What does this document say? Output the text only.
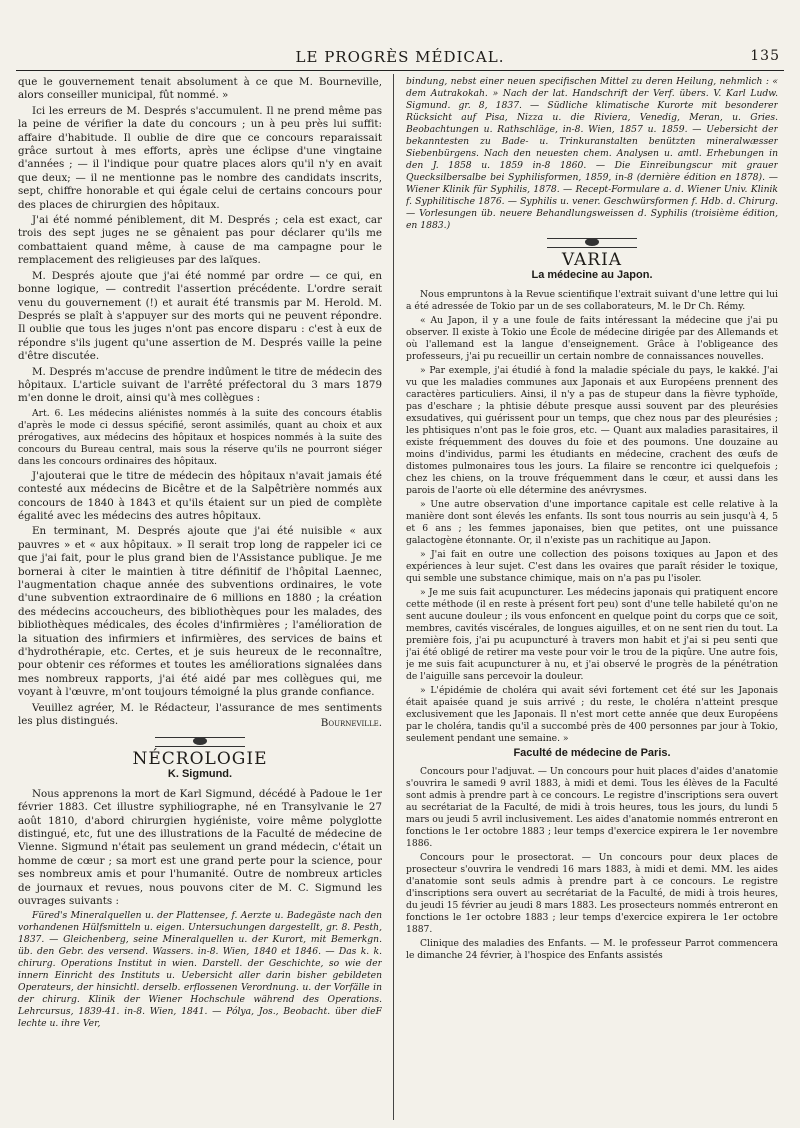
LE PROGRÈS MÉDICAL.	135

que le gouvernement tenait absolument à ce que M. Bourneville, alors conseiller municipal, fût nommé. »

Ici les erreurs de M. Després s'accumulent. Il ne prend même pas la peine de vérifier la date du concours ; un à peu près lui suffit: affaire d'habitude. Il oublie de dire que ce concours reparaissait grâce surtout à mes efforts, après une éclipse d'une vingtaine d'années ; — il l'indique pour quatre places alors qu'il n'y en avait que deux; — il ne mentionne pas le nombre des candidats inscrits, sept, chiffre honorable et qui égale celui de certains concours pour des places de chirurgien des hôpitaux.

J'ai été nommé péniblement, dit M. Després ; cela est exact, car trois des sept juges ne se gênaient pas pour déclarer qu'ils me combattaient quand même, à cause de ma campagne pour le remplacement des religieuses par des laïques.

M. Després ajoute que j'ai été nommé par ordre — ce qui, en bonne logique, — contredit l'assertion précédente. L'ordre serait venu du gouvernement (!) et aurait été transmis par M. Herold. M. Després se plaît à s'appuyer sur des morts qui ne peuvent répondre. Il oublie que tous les juges n'ont pas encore disparu : c'est à eux de répondre s'ils jugent qu'une assertion de M. Després vaille la peine d'être discutée.

M. Després m'accuse de prendre indûment le titre de médecin des hôpitaux. L'article suivant de l'arrêté préfectoral du 3 mars 1879 m'en donne le droit, ainsi qu'à mes collègues :

Art. 6. Les médecins aliénistes nommés à la suite des concours établis d'après le mode ci dessus spécifié, seront assimilés, quant au choix et aux prérogatives, aux médecins des hôpitaux et hospices nommés à la suite des concours du Bureau central, mais sous la réserve qu'ils ne pourront siéger dans les concours ordinaires des hôpitaux.

J'ajouterai que le titre de médecin des hôpitaux n'avait jamais été contesté aux médecins de Bicêtre et de la Salpêtrière nommés aux concours de 1840 à 1843 et qu'ils étaient sur un pied de complète égalité avec les médecins des autres hôpitaux.

En terminant, M. Després ajoute que j'ai été nuisible « aux pauvres » et « aux hôpitaux. » Il serait trop long de rappeler ici ce que j'ai fait, pour le plus grand bien de l'Assistance publique. Je me bornerai à citer le maintien à titre définitif de l'hôpital Laennec, l'augmentation chaque année des subventions ordinaires, le vote d'une subvention extraordinaire de 6 millions en 1880 ; la création des médecins accoucheurs, des bibliothèques pour les malades, des bibliothèques médicales, des écoles d'infirmières ; l'amélioration de la situation des infirmiers et infirmières, des services de bains et d'hydrothérapie, etc. Certes, et je suis heureux de le reconnaître, pour obtenir ces réformes et toutes les améliorations signalées dans mes nombreux rapports, j'ai été aidé par mes collègues qui, me voyant à l'œuvre, m'ont toujours témoigné la plus grande confiance.

Veuillez agréer, M. le Rédacteur, l'assurance de mes sentiments les plus distingués.	Bourneville.
NÉCROLOGIE
K. Sigmund.

Nous apprenons la mort de Karl Sigmund, décédé à Padoue le 1er février 1883. Cet illustre syphiliographe, né en Transylvanie le 27 août 1810, d'abord chirurgien hygiéniste, voire même polyglotte distingué, etc, fut une des illustrations de la Faculté de médecine de Vienne. Sigmund n'était pas seulement un grand médecin, c'était un homme de cœur ; sa mort est une grand perte pour la science, pour ses nombreux amis et pour l'humanité. Outre de nombreux articles de journaux et revues, nous pouvons citer de M. C. Sigmund les ouvrages suivants :

Füred's Mineralquellen u. der Plattensee, f. Aerzte u. Badegäste nach den vorhandenen Hülfsmitteln u. eigen. Untersuchungen dargestellt, gr. 8. Pesth, 1837. — Gleichenberg, seine Mineralquellen u. der Kurort, mit Bemerkgn. üb. den Gebr. des versend. Wassers. in-8. Wien, 1840 et 1846. — Das k. k. chirurg. Operations Institut in wien. Darstell. der Geschichte, so wie der innern Einricht des Instituts u. Uebersicht aller darin bisher gebildeten Operateurs, der hinsichtl. derselb. erflossenen Verordnung. u. der Vorfälle in der chirurg. Klinik der Wiener Hochschule während des Operations. Lehrcursus, 1839-41. in-8. Wien, 1841. — Pólya, Jos., Beobacht. über dieF lechte u. ihre Ver,

bindung, nebst einer neuen specifischen Mittel zu deren Heilung, nehmlich : « dem Autrakokah. » Nach der lat. Handschrift der Verf. übers. V. Karl Ludw. Sigmund. gr. 8, 1837. — Südliche klimatische Kurorte mit besonderer Rücksicht auf Pisa, Nizza u. die Riviera, Venedig, Meran, u. Gries. Beobachtungen u. Rathschläge, in-8. Wien, 1857 u. 1859. — Uebersicht der bekanntesten zu Bade- u. Trinkuranstalten benützten mineralwæsser Siebenbürgens. Nach den neuesten chem. Analysen u. amtl. Erhebungen in den J. 1858 u. 1859 in-8 1860. — Die Einreibungscur mit grauer Quecksilbersalbe bei Syphilisformen, 1859, in-8 (dernière édition en 1878). — Wiener Klinik für Syphilis, 1878. — Recept-Formulare a. d. Wiener Univ. Klinik f. Syphilitische 1876. — Syphilis u. vener. Geschwürsformen f. Hdb. d. Chirurg. — Vorlesungen üb. neuere Behandlungsweissen d. Syphilis (troisième édition, en 1883.)

VARIA
La médecine au Japon.

Nous empruntons à la Revue scientifique l'extrait suivant d'une lettre qui lui a été adressée de Tokio par un de ses collaborateurs, M. le Dr Ch. Rémy.

« Au Japon, il y a une foule de faits intéressant la médecine que j'ai pu observer. Il existe à Tokio une École de médecine dirigée par des Allemands et où l'allemand est la langue d'enseignement. Grâce à l'obligeance des professeurs, j'ai pu recueillir un certain nombre de connaissances nouvelles.

» Par exemple, j'ai étudié à fond la maladie spéciale du pays, le kakké. J'ai vu que les maladies communes aux Japonais et aux Européens prennent des caractères particuliers. Ainsi, il n'y a pas de stupeur dans la fièvre typhoïde, pas d'eschare ; la phtisie débute presque aussi souvent par des pleurésies exsudatives, qui guérissent pour un temps, que chez nous par des pleurésies ; les phtisiques n'ont pas le foie gros, etc. — Quant aux maladies parasitaires, il existe fréquemment des douves du foie et des poumons. Une douzaine au moins d'individus, parmi les étudiants en médecine, crachent des œufs de distomes pulmonaires tous les jours. La filaire se rencontre ici quelquefois ; chez les chiens, on la trouve fréquemment dans le cœur, et aussi dans les parois de l'aorte où elle détermine des anévrysmes.

» Une autre observation d'une importance capitale est celle relative à la manière dont sont élevés les enfants. Ils sont tous nourris au sein jusqu'à 4, 5 et 6 ans ; les femmes japonaises, bien que petites, ont une puissance galactogène étonnante. Or, il n'existe pas un rachitique au Japon.

» J'ai fait en outre une collection des poisons toxiques au Japon et des expériences à leur sujet. C'est dans les ovaires que paraît résider le toxique, qui semble une substance chimique, mais on n'a pas pu l'isoler.

» Je me suis fait acupuncturer. Les médecins japonais qui pratiquent encore cette méthode (il en reste à présent fort peu) sont d'une telle habileté qu'on ne sent aucune douleur ; ils vous enfoncent en quelque point du corps que ce soit, membres, cavités viscérales, de longues aiguilles, et on ne sent rien du tout. La première fois, j'ai pu acupuncturé à travers mon habit et j'ai si peu senti que j'ai été obligé de retirer ma veste pour voir le trou de la piqûre. Une autre fois, je me suis fait acupuncturer à nu, et j'ai observé le progrès de la pénétration de l'aiguille sans percevoir la douleur.

» L'épidémie de choléra qui avait sévi fortement cet été sur les Japonais était apaisée quand je suis arrivé ; du reste, le choléra n'atteint presque exclusivement que les Japonais. Il n'est mort cette année que deux Européens par le choléra, tandis qu'il a succombé près de 400 personnes par jour à Tokio, seulement pendant une semaine. »

Faculté de médecine de Paris.

Concours pour l'adjuvat. — Un concours pour huit places d'aides d'anatomie s'ouvrira le samedi 9 avril 1883, à midi et demi. Tous les élèves de la Faculté sont admis à prendre part à ce concours. Le registre d'inscriptions sera ouvert au secrétariat de la Faculté, de midi à trois heures, tous les jours, du lundi 5 mars ou jeudi 5 avril inclusivement. Les aides d'anatomie nommés entreront en fonctions le 1er octobre 1883 ; leur temps d'exercice expirera le 1er novembre 1886.

Concours pour le prosectorat. — Un concours pour deux places de prosecteur s'ouvrira le vendredi 16 mars 1883, à midi et demi. MM. les aides d'anatomie sont seuls admis à prendre part à ce concours. Le registre d'inscriptions sera ouvert au secrétariat de la Faculté, de midi à trois heures, du jeudi 15 février au jeudi 8 mars 1883. Les prosecteurs nommés entreront en fonctions le 1er octobre 1883 ; leur temps d'exercice expirera le 1er octobre 1887.

Clinique des maladies des Enfants. — M. le professeur Parrot commencera le dimanche 24 février, à l'hospice des Enfants assistés
